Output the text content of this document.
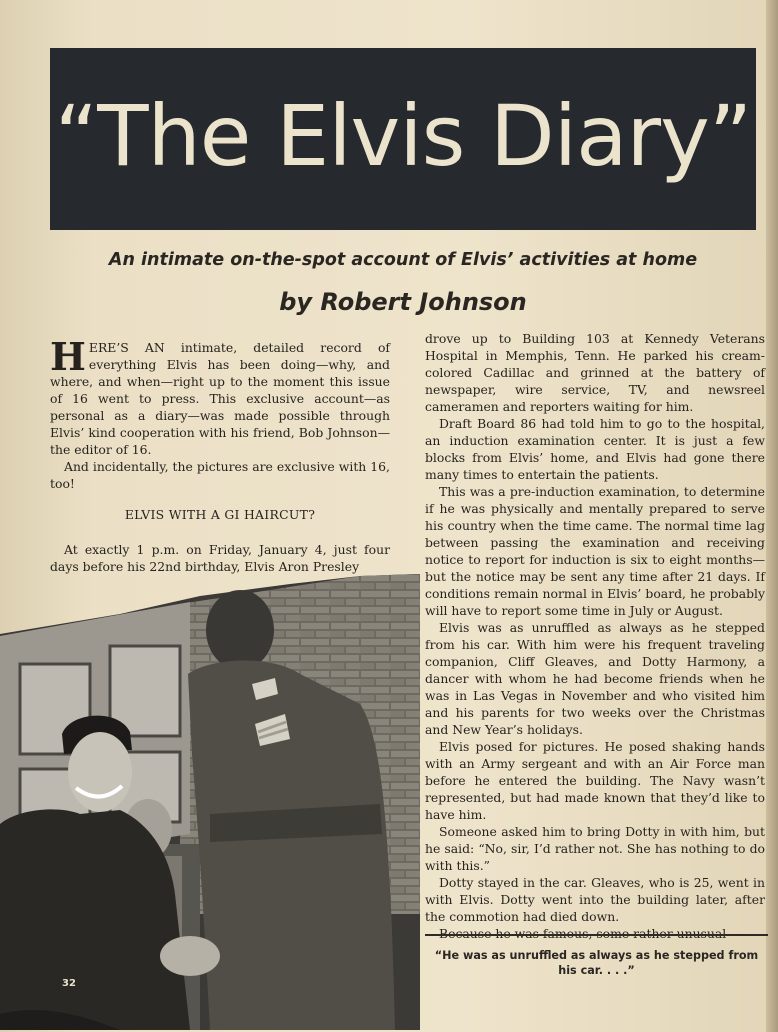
“The Elvis Diary”
An intimate on-the-spot account of Elvis’ activities at home
by Robert Johnson

HERE’S AN intimate, detailed record of everything Elvis has been doing—why, and where, and when—right up to the moment this issue of 16 went to press. This exclusive account—as personal as a diary—was made possible through Elvis’ kind cooperation with his friend, Bob Johnson—the editor of 16.

And incidentally, the pictures are exclusive with 16, too!

ELVIS WITH A GI HAIRCUT?

At exactly 1 p.m. on Friday, January 4, just four days before his 22nd birthday, Elvis Aron Presley

32

drove up to Building 103 at Kennedy Veterans Hospital in Memphis, Tenn. He parked his cream-colored Cadillac and grinned at the battery of newspaper, wire service, TV, and newsreel cameramen and reporters waiting for him.

Draft Board 86 had told him to go to the hospital, an induction examination center. It is just a few blocks from Elvis’ home, and Elvis had gone there many times to entertain the patients.

This was a pre-induction examination, to determine if he was physically and mentally prepared to serve his country when the time came. The normal time lag between passing the examination and receiving notice to report for induction is six to eight months—but the notice may be sent any time after 21 days. If conditions remain normal in Elvis’ board, he probably will have to report some time in July or August.

Elvis was as unruffled as always as he stepped from his car. With him were his frequent traveling companion, Cliff Gleaves, and Dotty Harmony, a dancer with whom he had become friends when he was in Las Vegas in November and who visited him and his parents for two weeks over the Christmas and New Year’s holidays.

Elvis posed for pictures. He posed shaking hands with an Army sergeant and with an Air Force man before he entered the building. The Navy wasn’t represented, but had made known that they’d like to have him.

Someone asked him to bring Dotty in with him, but he said: “No, sir, I’d rather not. She has nothing to do with this.”

Dotty stayed in the car. Gleaves, who is 25, went in with Elvis. Dotty went into the building later, after the commotion had died down.

Because he was famous, some rather unusual

“He was as unruffled as always as he stepped from his car. . . .”
